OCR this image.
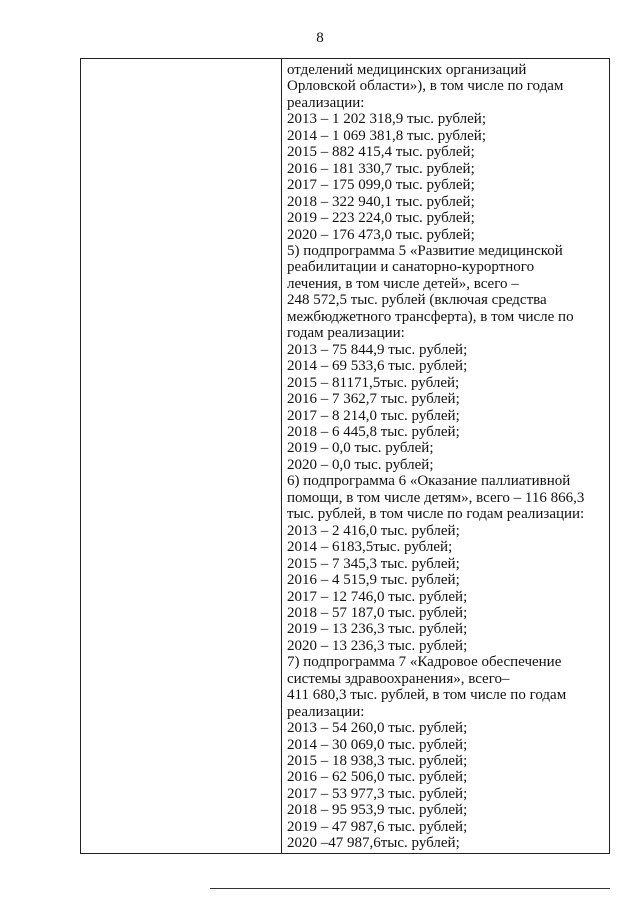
8
отделений медицинских организаций
Орловской области»), в том числе по годам
реализации:
2013 – 1 202 318,9 тыс. рублей;
2014 – 1 069 381,8 тыс. рублей;
2015 – 882 415,4 тыс. рублей;
2016 – 181 330,7 тыс. рублей;
2017 – 175 099,0 тыс. рублей;
2018 – 322 940,1 тыс. рублей;
2019 – 223 224,0 тыс. рублей;
2020 – 176 473,0 тыс. рублей;
5) подпрограмма 5 «Развитие медицинской
реабилитации и санаторно-курортного
лечения, в том числе детей», всего –
248 572,5 тыс. рублей (включая средства
межбюджетного трансферта), в том числе по
годам реализации:
2013 – 75 844,9 тыс. рублей;
2014 – 69 533,6 тыс. рублей;
2015 – 81171,5тыс. рублей;
2016 – 7 362,7 тыс. рублей;
2017 – 8 214,0 тыс. рублей;
2018 – 6 445,8 тыс. рублей;
2019 – 0,0 тыс. рублей;
2020 – 0,0 тыс. рублей;
6) подпрограмма 6 «Оказание паллиативной
помощи, в том числе детям», всего – 116 866,3
тыс. рублей, в том числе по годам реализации:
2013 – 2 416,0 тыс. рублей;
2014 – 6183,5тыс. рублей;
2015 – 7 345,3 тыс. рублей;
2016 – 4 515,9 тыс. рублей;
2017 – 12 746,0 тыс. рублей;
2018 – 57 187,0 тыс. рублей;
2019 – 13 236,3 тыс. рублей;
2020 – 13 236,3 тыс. рублей;
7) подпрограмма 7 «Кадровое обеспечение
системы здравоохранения», всего–
411 680,3 тыс. рублей, в том числе по годам
реализации:
2013 – 54 260,0 тыс. рублей;
2014 – 30 069,0 тыс. рублей;
2015 – 18 938,3 тыс. рублей;
2016 – 62 506,0 тыс. рублей;
2017 – 53 977,3 тыс. рублей;
2018 – 95 953,9 тыс. рублей;
2019 – 47 987,6 тыс. рублей;
2020 –47 987,6тыс. рублей;
